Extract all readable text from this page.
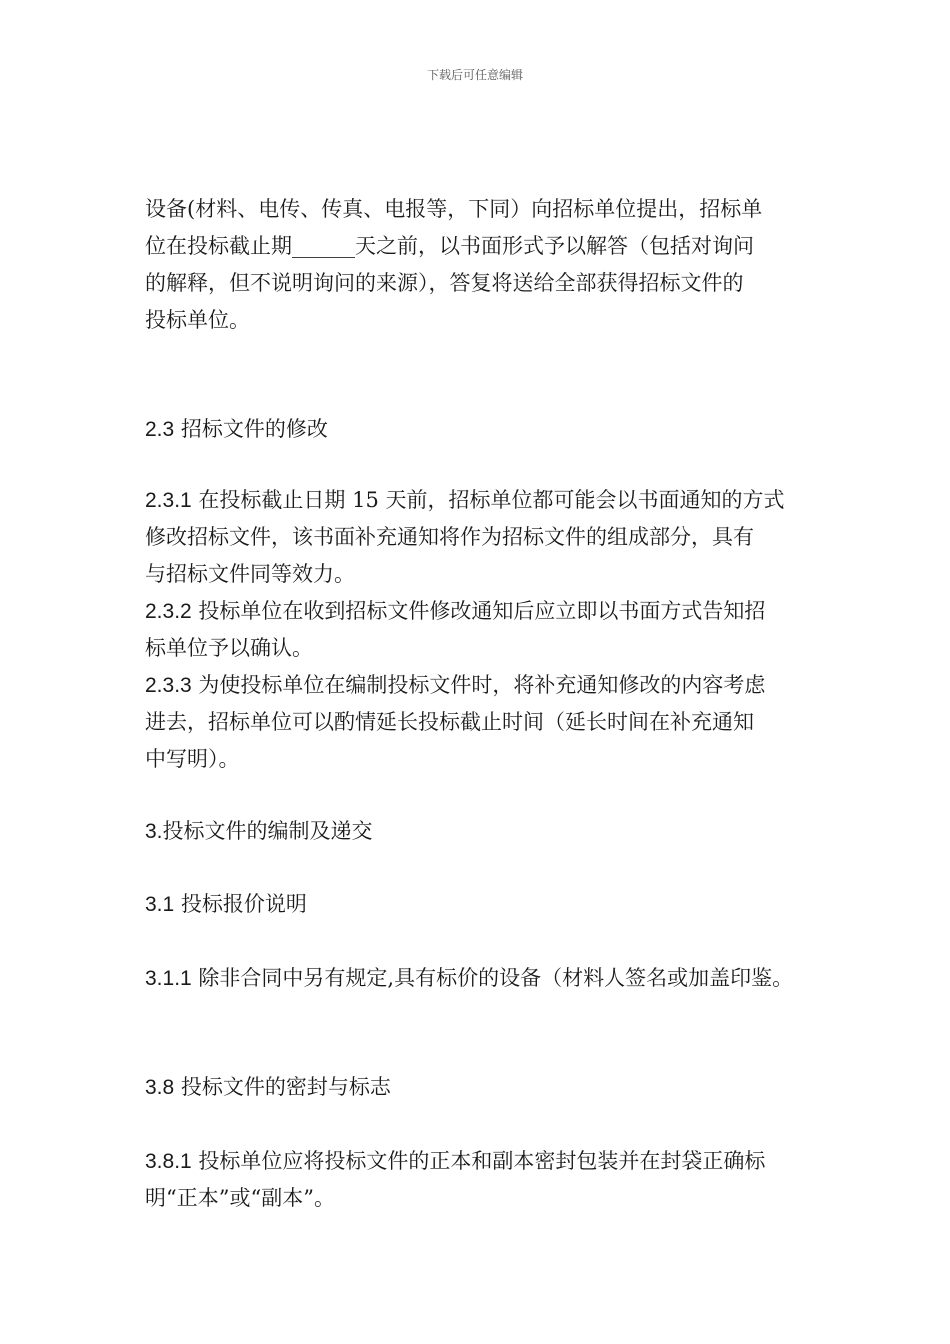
下载后可任意编辑
设备(材料、电传、传真、电报等，下同）向招标单位提出，招标单
位在投标截止期______天之前，以书面形式予以解答（包括对询问
的解释，但不说明询问的来源），答复将送给全部获得招标文件的
投标单位。
2.3 招标文件的修改
2.3.1 在投标截止日期 15 天前，招标单位都可能会以书面通知的方式
修改招标文件，该书面补充通知将作为招标文件的组成部分，具有
与招标文件同等效力。
2.3.2 投标单位在收到招标文件修改通知后应立即以书面方式告知招
标单位予以确认。
2.3.3 为使投标单位在编制投标文件时，将补充通知修改的内容考虑
进去，招标单位可以酌情延长投标截止时间（延长时间在补充通知
中写明）。
3.投标文件的编制及递交
3.1 投标报价说明
3.1.1 除非合同中另有规定,具有标价的设备（材料人签名或加盖印鉴。
3.8 投标文件的密封与标志
3.8.1 投标单位应将投标文件的正本和副本密封包装并在封袋正确标
明“正本”或“副本”。
